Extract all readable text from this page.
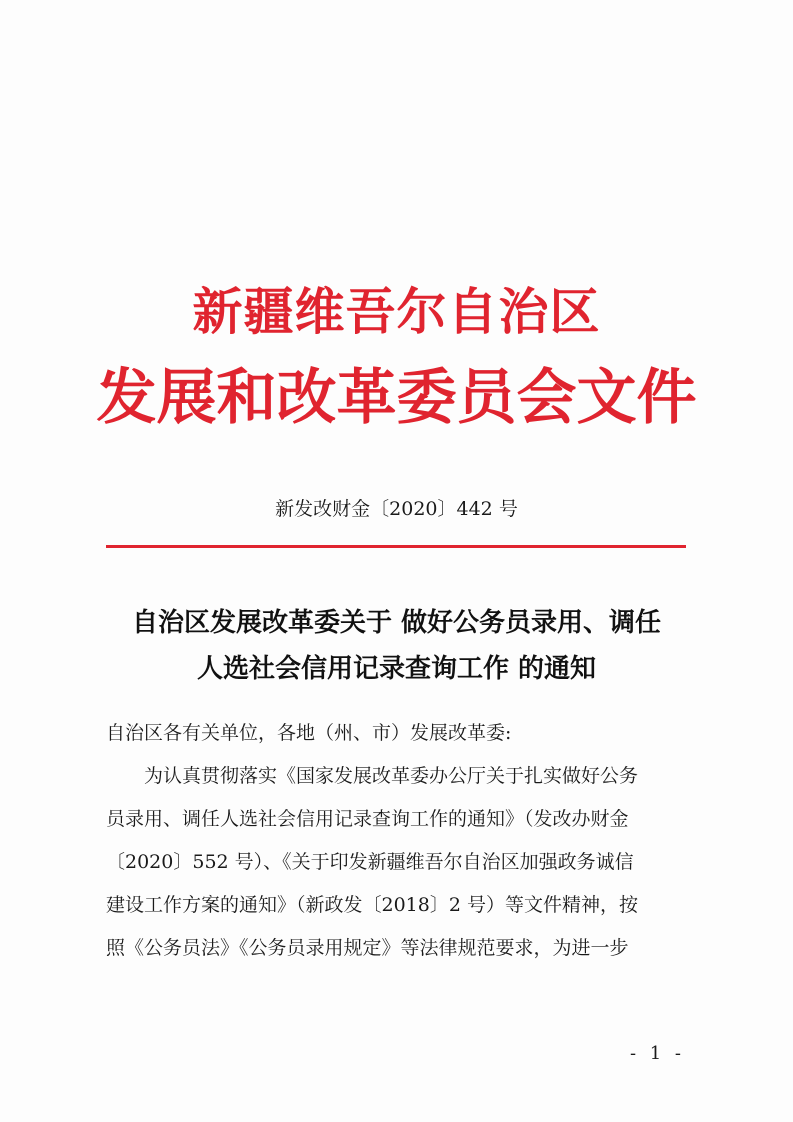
新疆维吾尔自治区
发展和改革委员会文件
新发改财金〔2020〕442 号
自治区发展改革委关于 做好公务员录用、调任
人选社会信用记录查询工作 的通知

自治区各有关单位，各地（州、市）发展改革委:

为认真贯彻落实《国家发展改革委办公厅关于扎实做好公务

员录用、调任人选社会信用记录查询工作的通知》（发改办财金

〔2020〕552 号）、《关于印发新疆维吾尔自治区加强政务诚信

建设工作方案的通知》（新政发〔2018〕2 号）等文件精神，按

照《公务员法》《公务员录用规定》等法律规范要求，为进一步

- 1 -
